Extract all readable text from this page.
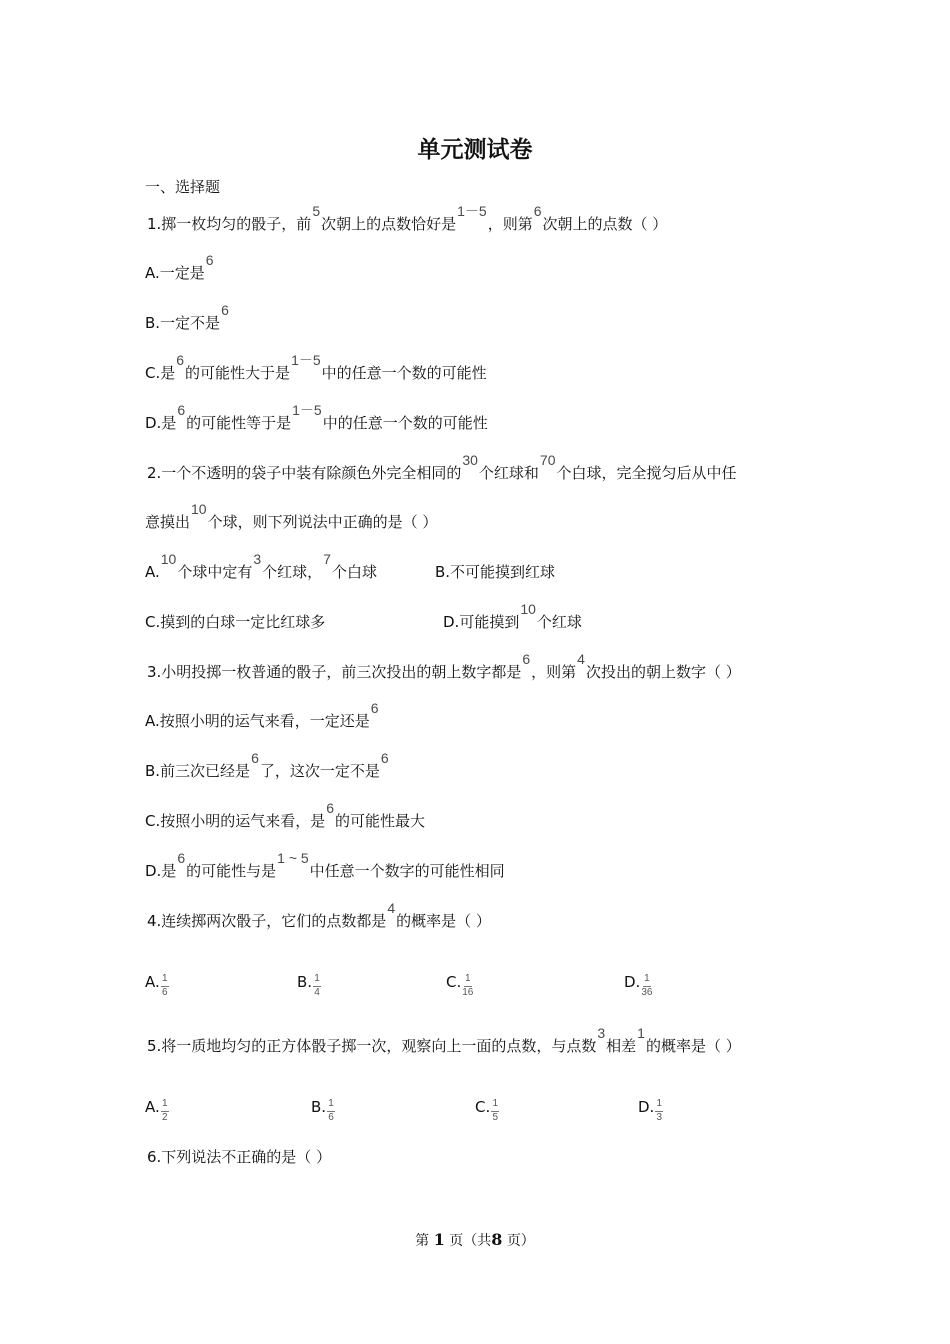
单元测试卷
一、选择题
1.掷一枚均匀的骰子，前5次朝上的点数恰好是1－5，则第6次朝上的点数（ ）
A.一定是6
B.一定不是6
C.是6的可能性大于是1－5中的任意一个数的可能性
D.是6的可能性等于是1－5中的任意一个数的可能性
2.一个不透明的袋子中装有除颜色外完全相同的30个红球和70个白球，完全搅匀后从中任
意摸出10个球，则下列说法中正确的是（ ）
A.10个球中定有3个红球，7个白球	B.不可能摸到红球
C.摸到的白球一定比红球多	D.可能摸到10个红球
3.小明投掷一枚普通的骰子，前三次投出的朝上数字都是6，则第4次投出的朝上数字（ ）
A.按照小明的运气来看，一定还是6
B.前三次已经是6了，这次一定不是6
C.按照小明的运气来看，是6的可能性最大
D.是6的可能性与是1 ~ 5中任意一个数字的可能性相同
4.连续掷两次骰子，它们的点数都是4的概率是（ ）
A. $\frac{1}{6}$	B. $\frac{1}{4}$	C. $\frac{1}{16}$	D. $\frac{1}{36}$
5.将一质地均匀的正方体骰子掷一次，观察向上一面的点数，与点数3相差1的概率是（ ）
A. $\frac{1}{2}$	B. $\frac{1}{6}$	C. $\frac{1}{5}$	D. $\frac{1}{3}$
6.下列说法不正确的是（ ）
第 1 页（共8 页）
